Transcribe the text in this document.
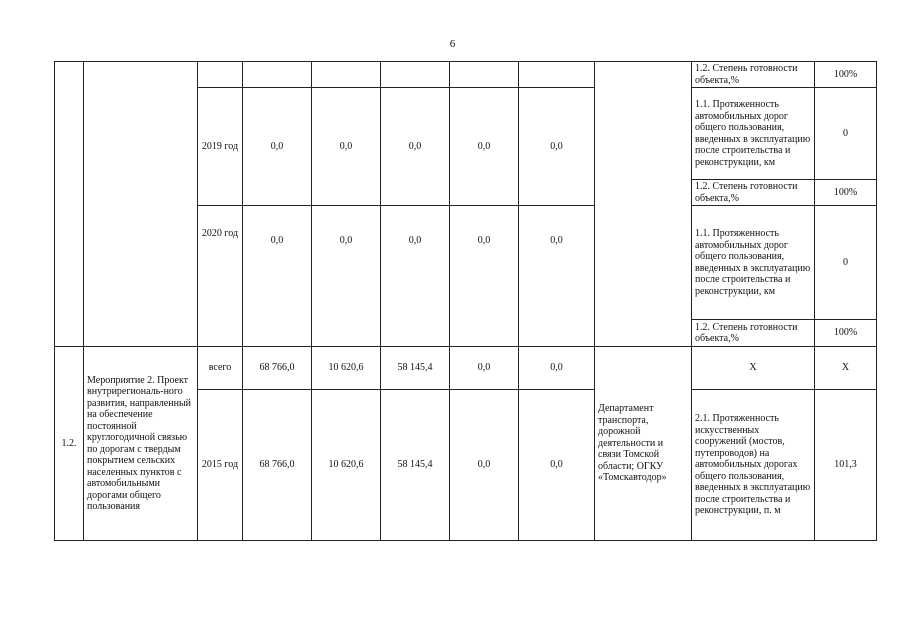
6
									1.2. Степень готовности объекта,%	100%
		2019 год	0,0	0,0	0,0	0,0	0,0		1.1. Протяженность автомобильных дорог общего пользования, введенных в эксплуатацию после строительства и реконструкции, км	0
									1.2. Степень готовности объекта,%	100%
		2020 год	0,0	0,0	0,0	0,0	0,0		1.1. Протяженность автомобильных дорог общего пользования, введенных в эксплуатацию после строительства и реконструкции, км	0
									1.2. Степень готовности объекта,%	100%
1.2.	Мероприятие 2. Проект внутрирегиональ-ного развития, направленный на обеспечение постоянной круглогодичной связью по дорогам с твердым покрытием сельских населенных пунктов с автомобильными дорогами общего пользования	всего	68 766,0	10 620,6	58 145,4	0,0	0,0	Департамент транспорта, дорожной деятельности и связи Томской области; ОГКУ «Томскавтодор»	X	X
		2015 год	68 766,0	10 620,6	58 145,4	0,0	0,0		2.1. Протяженность искусственных сооружений (мостов, путепроводов) на автомобильных дорогах общего пользования, введенных в эксплуатацию после строительства и реконструкции, п. м	101,3
